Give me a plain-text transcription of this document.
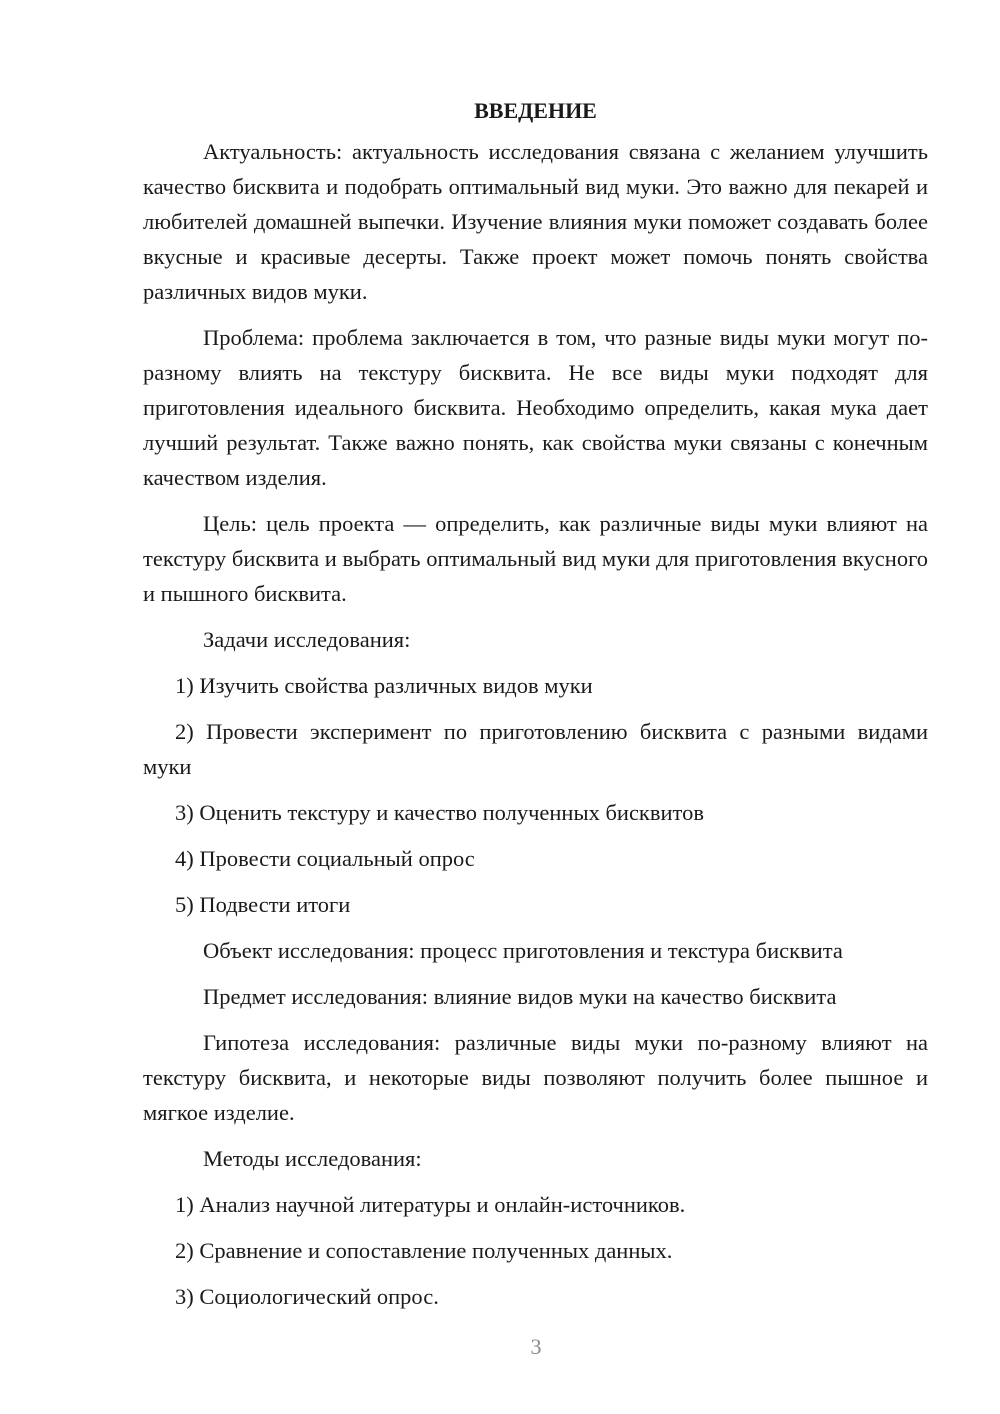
ВВЕДЕНИЕ

Актуальность: актуальность исследования связана с желанием улучшить качество бисквита и подобрать оптимальный вид муки. Это важно для пекарей и любителей домашней выпечки. Изучение влияния муки поможет создавать более вкусные и красивые десерты. Также проект может помочь понять свойства различных видов муки.

Проблема: проблема заключается в том, что разные виды муки могут по-разному влиять на текстуру бисквита. Не все виды муки подходят для приготовления идеального бисквита. Необходимо определить, какая мука дает лучший результат. Также важно понять, как свойства муки связаны с конечным качеством изделия.

Цель: цель проекта — определить, как различные виды муки влияют на текстуру бисквита и выбрать оптимальный вид муки для приготовления вкусного и пышного бисквита.

Задачи исследования:

1) Изучить свойства различных видов муки

2) Провести эксперимент по приготовлению бисквита с разными видами муки

3) Оценить текстуру и качество полученных бисквитов

4) Провести социальный опрос

5) Подвести итоги

Объект исследования: процесс приготовления и текстура бисквита
Предмет исследования: влияние видов муки на качество бисквита

Гипотеза исследования: различные виды муки по-разному влияют на текстуру бисквита, и некоторые виды позволяют получить более пышное и мягкое изделие.

Методы исследования:

1) Анализ научной литературы и онлайн-источников.

2) Сравнение и сопоставление полученных данных.

3) Социологический опрос.

3
